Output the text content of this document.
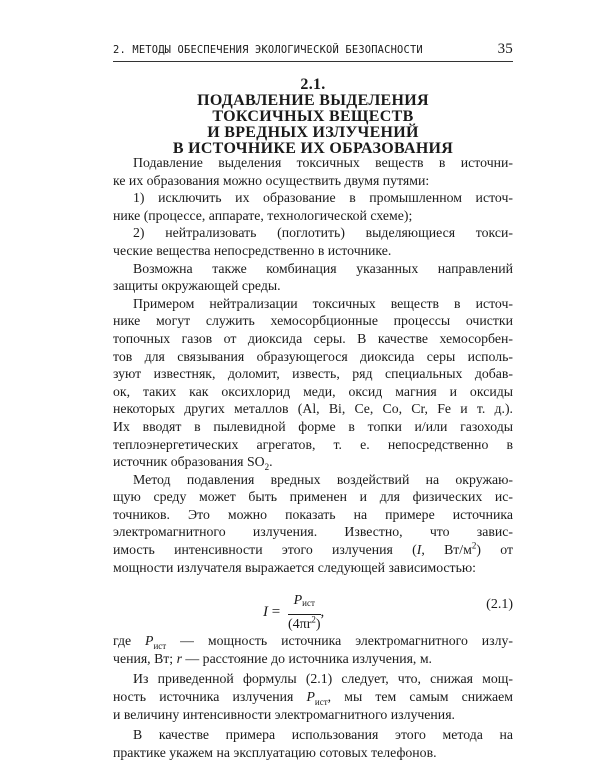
2. МЕТОДЫ ОБЕСПЕЧЕНИЯ ЭКОЛОГИЧЕСКОЙ БЕЗОПАСНОСТИ	35
2.1.
ПОДАВЛЕНИЕ ВЫДЕЛЕНИЯ
ТОКСИЧНЫХ ВЕЩЕСТВ
И ВРЕДНЫХ ИЗЛУЧЕНИЙ
В ИСТОЧНИКЕ ИХ ОБРАЗОВАНИЯ
Подавление выделения токсичных веществ в источни-
ке их образования можно осуществить двумя путями:
1) исключить их образование в промышленном источ-
нике (процессе, аппарате, технологической схеме);
2) нейтрализовать (поглотить) выделяющиеся токси-
ческие вещества непосредственно в источнике.
Возможна также комбинация указанных направлений
защиты окружающей среды.
Примером нейтрализации токсичных веществ в источ-
нике могут служить хемосорбционные процессы очистки
топочных газов от диоксида серы. В качестве хемосорбен-
тов для связывания образующегося диоксида серы исполь-
зуют известняк, доломит, известь, ряд специальных добав-
ок, таких как оксихлорид меди, оксид магния и оксиды
некоторых других металлов (Al, Bi, Ce, Co, Cr, Fe и т. д.).
Их вводят в пылевидной форме в топки и/или газоходы
теплоэнергетических агрегатов, т. е. непосредственно в
источник образования $SO_2$.
Метод подавления вредных воздействий на окружаю-
щую среду может быть применен и для физических ис-
точников. Это можно показать на примере источника
электромагнитного излучения. Известно, что завис-
имость интенсивности этого излучения (I, $Вт/м^2$) от
мощности излучателя выражается следующей зависимостью:
$I = \frac{\text{Pист}}{(4\pi r^2)}$ ,	(2.1)
где $P_{ист}$ — мощность источника электромагнитного излу-
чения, Вт; r — расстояние до источника излучения, м.
Из приведенной формулы (2.1) следует, что, снижая мощ-
ность источника излучения $P_{ист}$, мы тем самым снижаем
и величину интенсивности электромагнитного излучения.
В качестве примера использования этого метода на
практике укажем на эксплуатацию сотовых телефонов.
